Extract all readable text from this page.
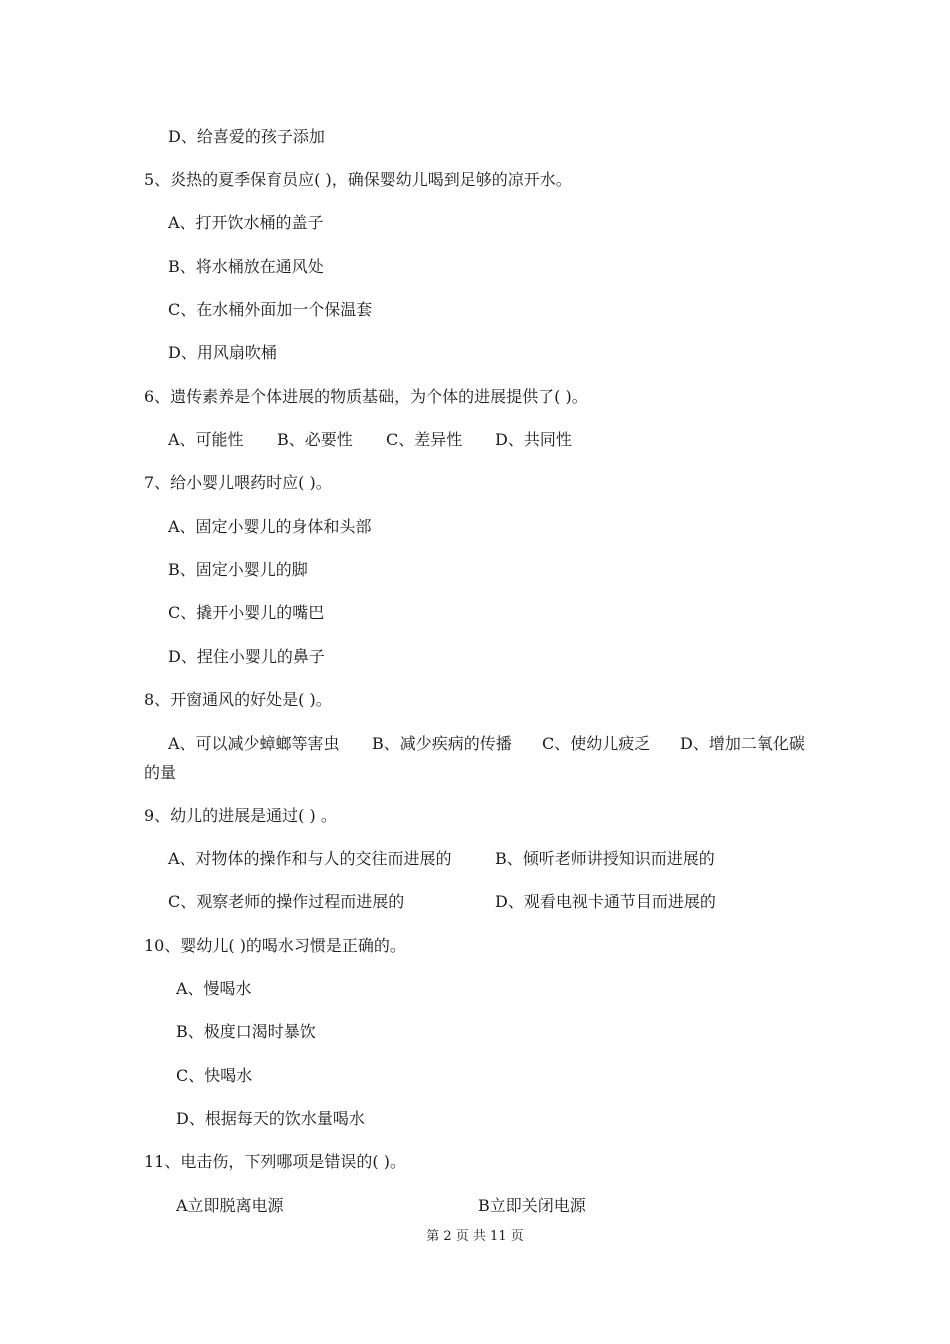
D、给喜爱的孩子添加
5、炎热的夏季保育员应( )，确保婴幼儿喝到足够的凉开水。
A、打开饮水桶的盖子
B、将水桶放在通风处
C、在水桶外面加一个保温套
D、用风扇吹桶
6、遗传素养是个体进展的物质基础，为个体的进展提供了( )。
A、可能性 B、必要性 C、差异性 D、共同性
7、给小婴儿喂药时应( )。
A、固定小婴儿的身体和头部
B、固定小婴儿的脚
C、撬开小婴儿的嘴巴
D、捏住小婴儿的鼻子
8、开窗通风的好处是( )。
A、可以减少蟑螂等害虫 B、减少疾病的传播 C、使幼儿疲乏 D、增加二氧化碳
的量
9、幼儿的进展是通过( ) 。
A、对物体的操作和与人的交往而进展的	B、倾听老师讲授知识而进展的
C、观察老师的操作过程而进展的	D、观看电视卡通节目而进展的
10、婴幼儿( )的喝水习惯是正确的。
A、慢喝水
B、极度口渴时暴饮
C、快喝水
D、根据每天的饮水量喝水
11、电击伤，下列哪项是错误的( )。
A立即脱离电源	B立即关闭电源
第 2 页 共 11 页
